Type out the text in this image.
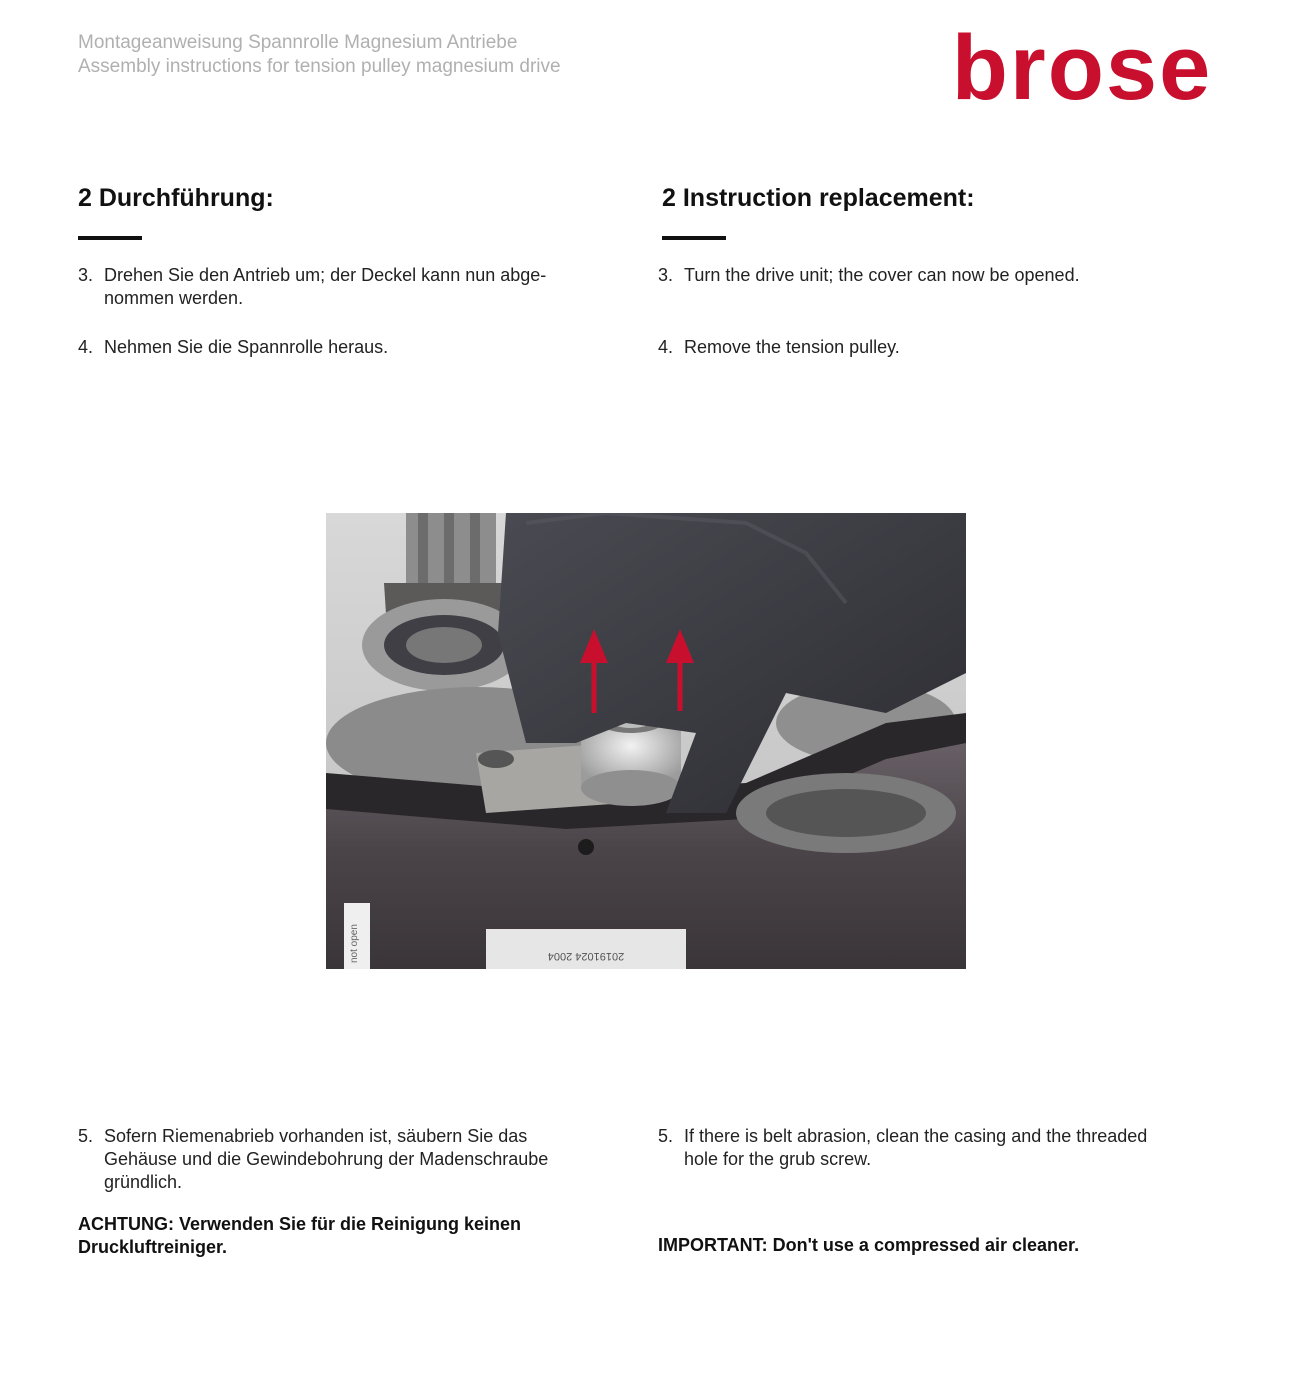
Montageanweisung Spannrolle Magnesium Antriebe
Assembly instructions for tension pulley magnesium drive	brose
2 Durchführung:	2 Instruction replacement:
3. Drehen Sie den Antrieb um; der Deckel kann nun abge-
nommen werden.
3. Turn the drive unit; the cover can now be opened.
4. Nehmen Sie die Spannrolle heraus.	4. Remove the tension pulley.
20191024 2004
not open
5. Sofern Riemenabrieb vorhanden ist, säubern Sie das
Gehäuse und die Gewindebohrung der Madenschraube
gründlich.
5. If there is belt abrasion, clean the casing and the threaded
hole for the grub screw.
ACHTUNG: Verwenden Sie für die Reinigung keinen
Druckluftreiniger.	IMPORTANT: Don't use a compressed air cleaner.
